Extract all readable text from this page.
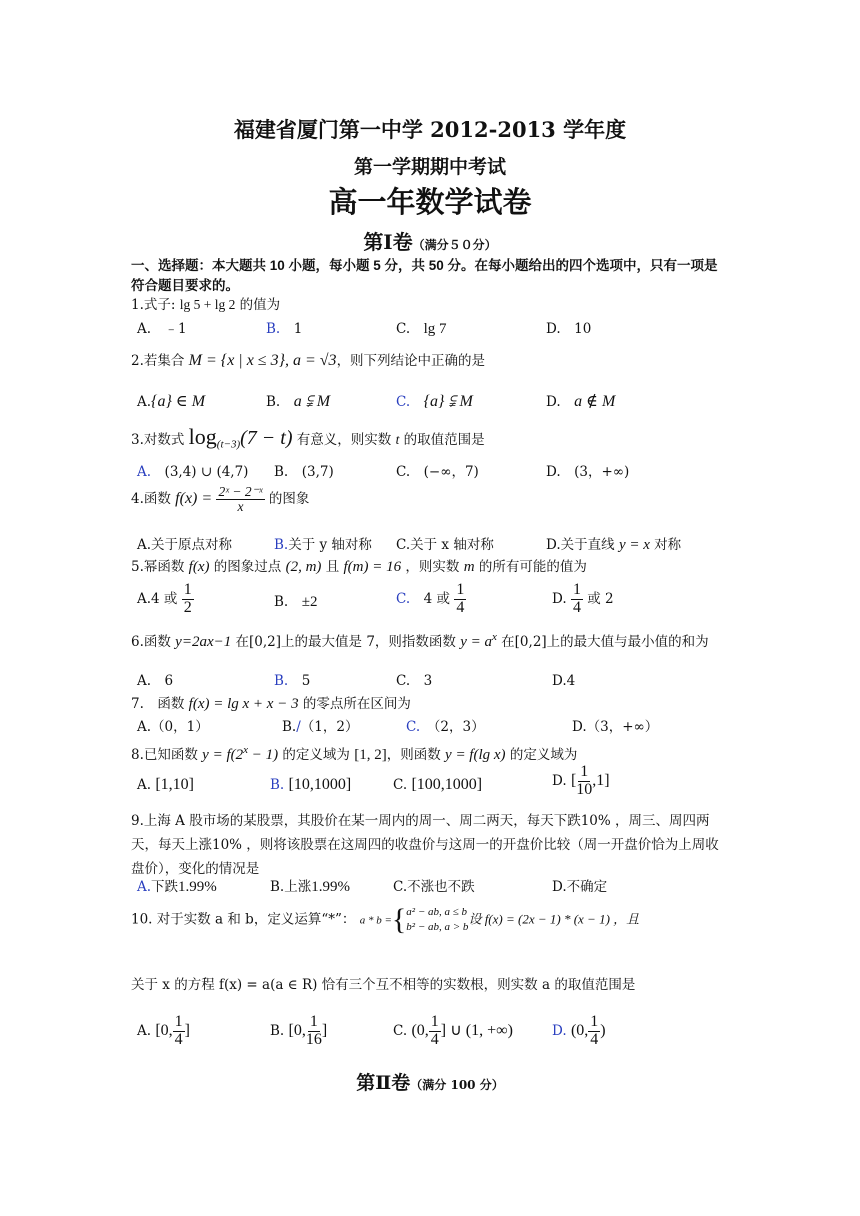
福建省厦门第一中学 2012-2013 学年度
第一学期期中考试
高一年数学试卷
第Ⅰ卷（满分５０分）
一、选择题：本大题共 10 小题，每小题 5 分，共 50 分。在每小题给出的四个选项中，只有一项是符合题目要求的。
1.式子: lg 5 + lg 2 的值为
A.　﹣1	B.　1	C.　lg 7	D.　10
2.若集合 M = {x | x ≤ 3}, a = √3，则下列结论中正确的是
A.{a} ∈ M	B.　a ⫋ M	C.　 {a} ⫋ M	D.　a ∉ M
3.对数式 $\log_{(t-3)}(7 - t)$ 有意义，则实数 t 的取值范围是
A.　(3,4) ∪ (4,7) B.　(3,7)	C.　(−∞，7)	D.　(3，+∞)
4.函数 $f(x) = \frac{\text{2ˣ − 2⁻ˣ}}{x}$ 的图象
A.关于原点对称	B.关于 y 轴对称 C.关于 x 轴对称	D.关于直线 y = x 对称
5.幂函数 f(x) 的图象过点 (2, m) 且 f(m) = 16 ，则实数 m 的所有可能的值为
A.4 或 $\frac{1}{2}$	B.　±2	C.　4 或 $\frac{1}{4}$	D. $\frac{1}{4}$ 或 2
6.函数 y=2ax−1 在[0,2]上的最大值是 7，则指数函数 $y = a^x$ 在[0,2]上的最大值与最小值的和为
A.　6	B.　5	C.　3	D.4
7.　函数 f(x) = lg x + x − 3 的零点所在区间为
A.（0，1）	B./（1，2）	C.　（2，3）	D.（3，+∞）
8.已知函数 $y = f(2^x - 1)$ 的定义域为 [1, 2]，则函数 y = f(lg x) 的定义域为
A. [1,10]	B. [10,1000]	C. [100,1000]	D. [ $\frac{1}{10} ,1$]
9.上海 A 股市场的某股票，其股价在某一周内的周一、周二两天，每天下跌10% ，周三、周四两天，每天上涨10% ，则将该股票在这周四的收盘价与这周一的开盘价比较（周一开盘价恰为上周收盘价），变化的情况是
A.下跌1.99%	B.上涨1.99%	C.不涨也不跌	D.不确定
10. 对于实数 a 和 b，定义运算“*”： a * b ={ a² − ab, a ≤ b
b² − ab, a > b
设 f(x) = (2x − 1) * (x − 1) ，且
关于 x 的方程 f(x) = a(a ∈ R) 恰有三个互不相等的实数根，则实数 a 的取值范围是
A. [0, $\frac{1}{4}$ ]	B. [0, $\frac{1}{16}$ ]	C. (0, $\frac{1}{4}$ ] ∪ (1, +∞)	D. (0, $\frac{1}{4}$ )
第Ⅱ卷（满分 100 分）
